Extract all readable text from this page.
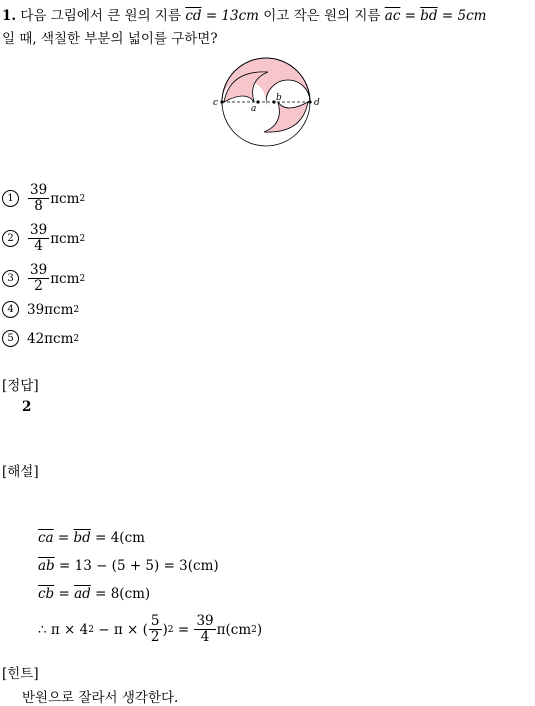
1. 다음 그림에서 큰 원의 지름 $\overline{cd} = 13cm$ 이고 작은 원의 지름 $\overline{ac} = \overline{bd} = 5cm$
일 때, 색칠한 부분의 넓이를 구하면?
c
a
b	d
1	$\frac{39}{8}$ πcm 2
2	$\frac{39}{4}$ πcm 2
3	$\frac{39}{2}$ πcm 2
4 39πcm 2
5 42πcm 2
[정답]
2
[해설]
$\overline{ca} = \overline{bd} = 4(cm$
$\overline{ab} = 13 - (5 + 5) = 3(cm)$
$\overline{cb} = \overline{ad} = 8(cm)$
∴ π × 4 2
− π × ( $\frac{5}{2}$ ) 2
=
$\frac{39}{4} \pi(cm$ 2 )
[힌트]
반원으로 잘라서 생각한다.
